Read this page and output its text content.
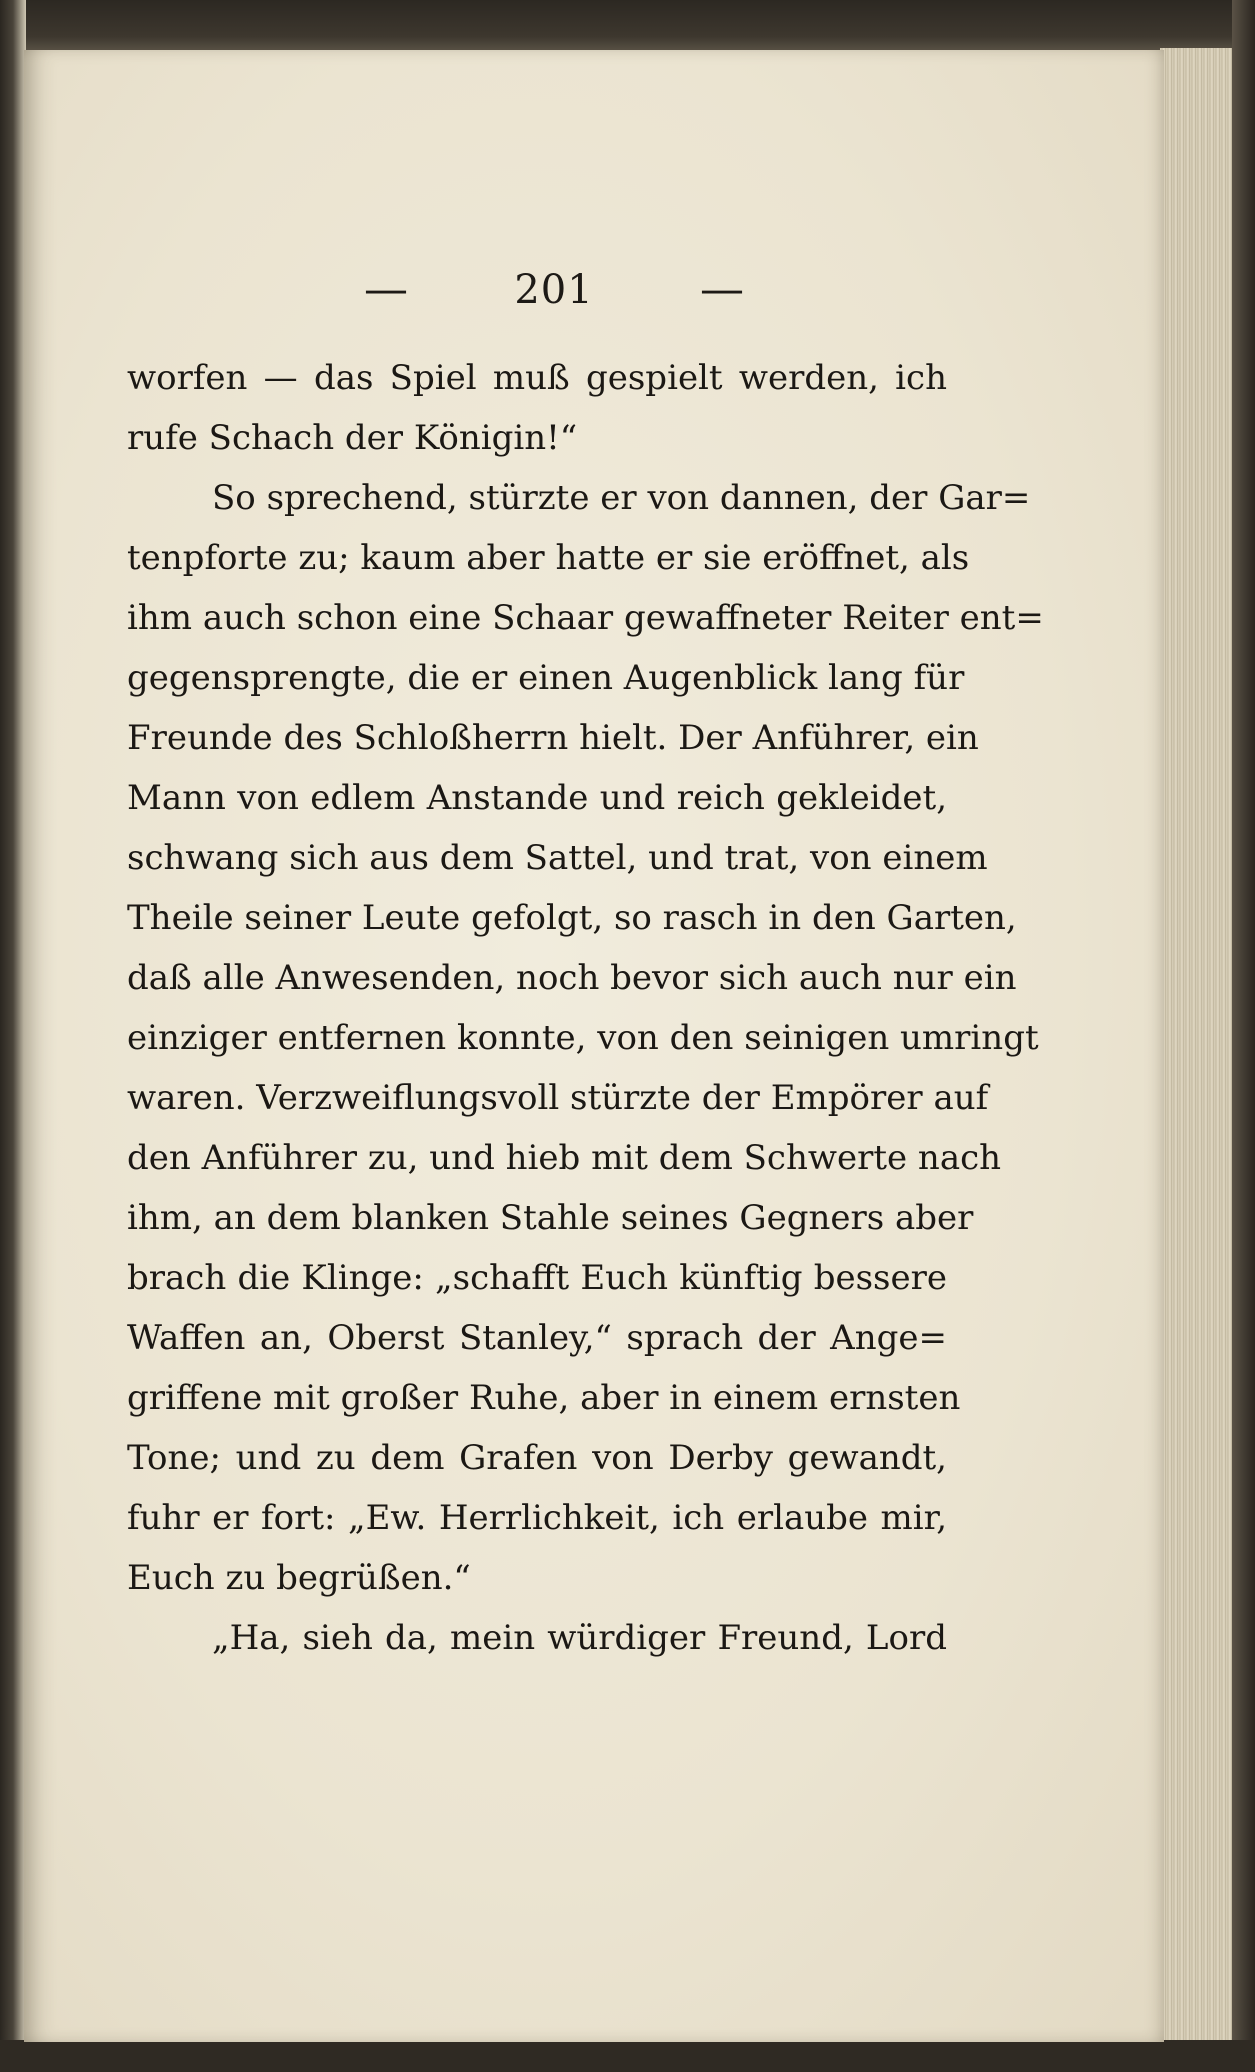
—	201 —
worfen — das Spiel muß gespielt werden, ich
rufe Schach der Königin!“
So sprechend, stürzte er von dannen, der Gar=
tenpforte zu; kaum aber hatte er sie eröffnet, als
ihm auch schon eine Schaar gewaffneter Reiter ent=
gegensprengte, die er einen Augenblick lang für
Freunde des Schloßherrn hielt. Der Anführer, ein
Mann von edlem Anstande und reich gekleidet,
schwang sich aus dem Sattel, und trat, von einem
Theile seiner Leute gefolgt, so rasch in den Garten,
daß alle Anwesenden, noch bevor sich auch nur ein
einziger entfernen konnte, von den seinigen umringt
waren. Verzweiflungsvoll stürzte der Empörer auf
den Anführer zu, und hieb mit dem Schwerte nach
ihm, an dem blanken Stahle seines Gegners aber
brach die Klinge: „schafft Euch künftig bessere
Waffen an, Oberst Stanley,“ sprach der Ange=
griffene mit großer Ruhe, aber in einem ernsten
Tone; und zu dem Grafen von Derby gewandt,
fuhr er fort: „Ew. Herrlichkeit, ich erlaube mir,
Euch zu begrüßen.“
„Ha, sieh da, mein würdiger Freund, Lord
